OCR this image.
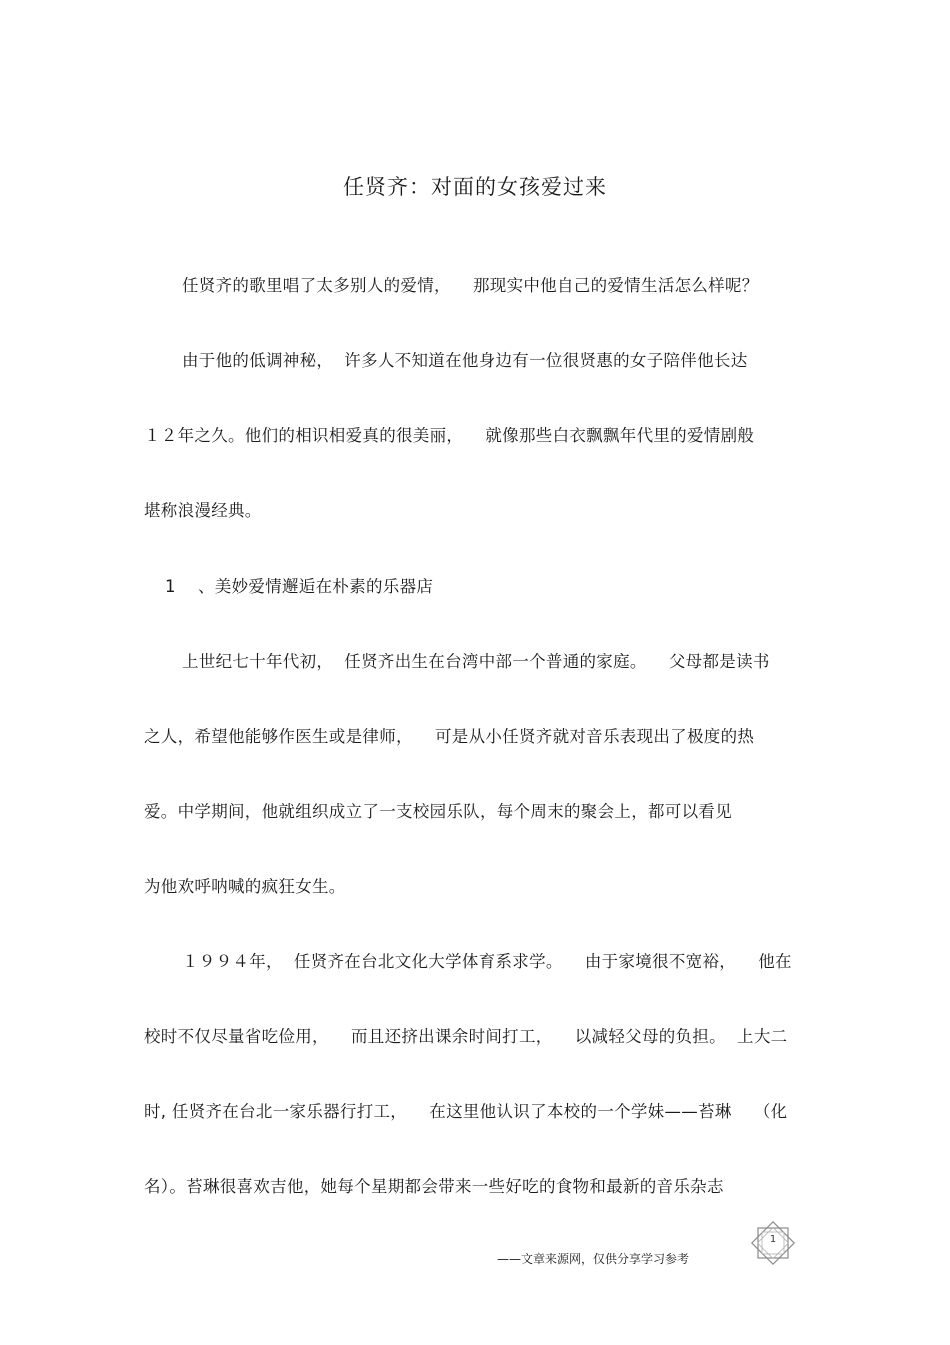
任贤齐：对面的女孩爱过来
任贤齐的歌里唱了太多别人的爱情，    那现实中他自己的爱情生活怎么样呢？
由于他的低调神秘，  许多人不知道在他身边有一位很贤惠的女子陪伴他长达
１２年之久。他们的相识相爱真的很美丽，    就像那些白衣飘飘年代里的爱情剧般
堪称浪漫经典。
1    、美妙爱情邂逅在朴素的乐器店
上世纪七十年代初，  任贤齐出生在台湾中部一个普通的家庭。    父母都是读书
之人，希望他能够作医生或是律师，    可是从小任贤齐就对音乐表现出了极度的热
爱。中学期间，他就组织成立了一支校园乐队，每个周末的聚会上，都可以看见
为他欢呼呐喊的疯狂女生。
１９９４年，  任贤齐在台北文化大学体育系求学。    由于家境很不宽裕，    他在
校时不仅尽量省吃俭用，    而且还挤出课余时间打工，    以减轻父母的负担。  上大二
时, 任贤齐在台北一家乐器行打工，    在这里他认识了本校的一个学妹——苔琳    （化
名）。苔琳很喜欢吉他，她每个星期都会带来一些好吃的食物和最新的音乐杂志
——文章来源网，仅供分享学习参考
1
